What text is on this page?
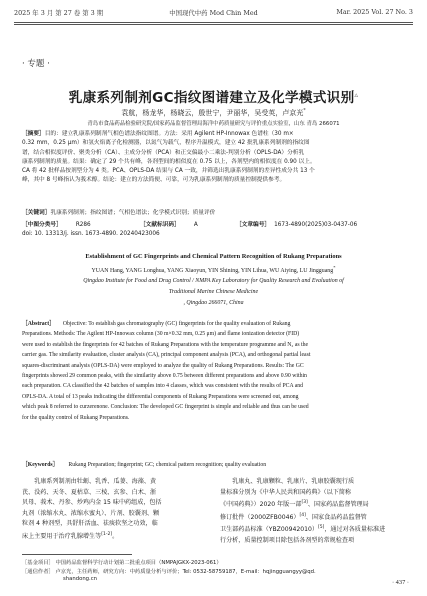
2025 年 3 月 第 27 卷 第 3 期	中国现代中药 Mod Chin Med	Mar. 2025 Vol. 27 No. 3
· 专题 ·
乳康系列制剂GC指纹图谱建立及化学模式识别△
袁航，杨龙华，杨晓云，殷世宁，尹丽华，吴受英，卢京光*
青岛市食品药品检验研究院/国家药品监督管理局海洋中药质量研究与评价重点实验室，山东 青岛 266071
［摘要］目的：建立乳康系列制剂气相色谱法指纹图谱。方法：采用 Agilent HP-Innowax 色谱柱（30 m×
0.32 mm，0.25 μm）和氢火焰离子化检测器，以氮气为载气，程序升温模式，建立 42 批乳康系列制剂的指纹图
谱，结合相似度评价、聚类分析（CA）、主成分分析（PCA）和正交偏最小二乘法-判别分析（OPLS-DA）分析乳
康系列制剂的质量。结果：确定了 29 个共有峰，各剂型间的相似度在 0.75 以上，各剂型内的相似度在 0.90 以上。
CA 将 42 批样品按剂型分为 4 类。PCA、OPLS-DA 结果与 CA 一致，并筛选出乳康系列制剂的差异性成分共 13 个
峰，其中 8 号峰指认为莪术醇。结论：建立的方法简便、可靠，可为乳康系列制剂的质量控制提供参考。
［关键词］乳康系列制剂；指纹图谱；气相色谱法；化学模式识别；质量评价
［中图分类号］ R286	［文献标识码］ A	［文章编号］ 1673-4890(2025)03-0437-06
doi: 10. 13313/j. issn. 1673-4890. 20240423006
Establishment of GC Fingerprints and Chemical Pattern Recognition of Rukang Preparations
YUAN Hang, YANG Longhua, YANG Xiaoyun, YIN Shining, YIN Lihua, WU Aiying, LU Jingguang*
Qingdao Institute for Food and Drug Control / NMPA Key Laboratory for Quality Research and Evaluation of
Traditional Marine Chinese Medicine
, Qingdao 266071, China
［Abstract］ Objective: To establish gas chromatography (GC) fingerprints for the quality evaluation of Rukang
Preparations. Methods: The Agilent HP-Innowax column (30 m×0.32 mm, 0.25 μm) and flame ionization detector (FID)
were used to establish the fingerprints for 42 batches of Rukang Preparations with the temperature programme and N₂ as the
carrier gas. The similarity evaluation, cluster analysis (CA), principal component analysis (PCA), and orthogonal partial least
squares-discriminant analysis (OPLS-DA) were employed to analyze the quality of Rukang Preparations. Results: The GC
fingerprints showed 29 common peaks, with the similarity above 0.75 between different preparations and above 0.90 within
each preparation. CA classified the 42 batches of samples into 4 classes, which was consistent with the results of PCA and
OPLS-DA. A total of 13 peaks indicating the differential components of Rukang Preparations were screened out, among
which peak 8 referred to curzerenone. Conclusion: The developed GC fingerprint is simple and reliable and thus can be used
for the quality control of Rukang Preparations.
［Keywords］ Rukang Preparation; fingerprint; GC; chemical pattern recognition; quality evaluation
乳康系列制剂由牡蛎、乳香、瓜蒌、海藻、黄
芪、没药、天冬、夏枯草、三棱、玄参、白术、浙
贝母、莪术、丹参、炒鸡内金 15 味中药组成，包括
丸剂（浓缩水丸、浓缩水蜜丸）、片剂、胶囊剂、颗
粒剂 4 种剂型，具舒肝活血、祛痰软坚之功效，临
床上主要用于治疗乳腺增生等[1-2]。
乳康丸、乳康颗粒、乳康片、乳康胶囊现行质
量标准分别为《中华人民共和国药典》（以下简称
《中国药典》）2020 年版一部[3]、国家药品监督管理局
修订批件（2000ZFB0046）[4]、国家食品药品监督管
卫生部药品标准（YBZ00942010）[5]，通过对各质量标准进
行分析，质量控制项目除包括各剂型的常规检查项
［基金项目］ 中国药品监督科学行动计划第二批重点项目（NMPAJGKX-2023-061）
［通信作者］ 卢京光，主任药师，研究方向：中药质量分析与评价；Tel: 0532-58759187，E-mail：hqjingguangyy@qd.
shandong.cn	· 437 ·
